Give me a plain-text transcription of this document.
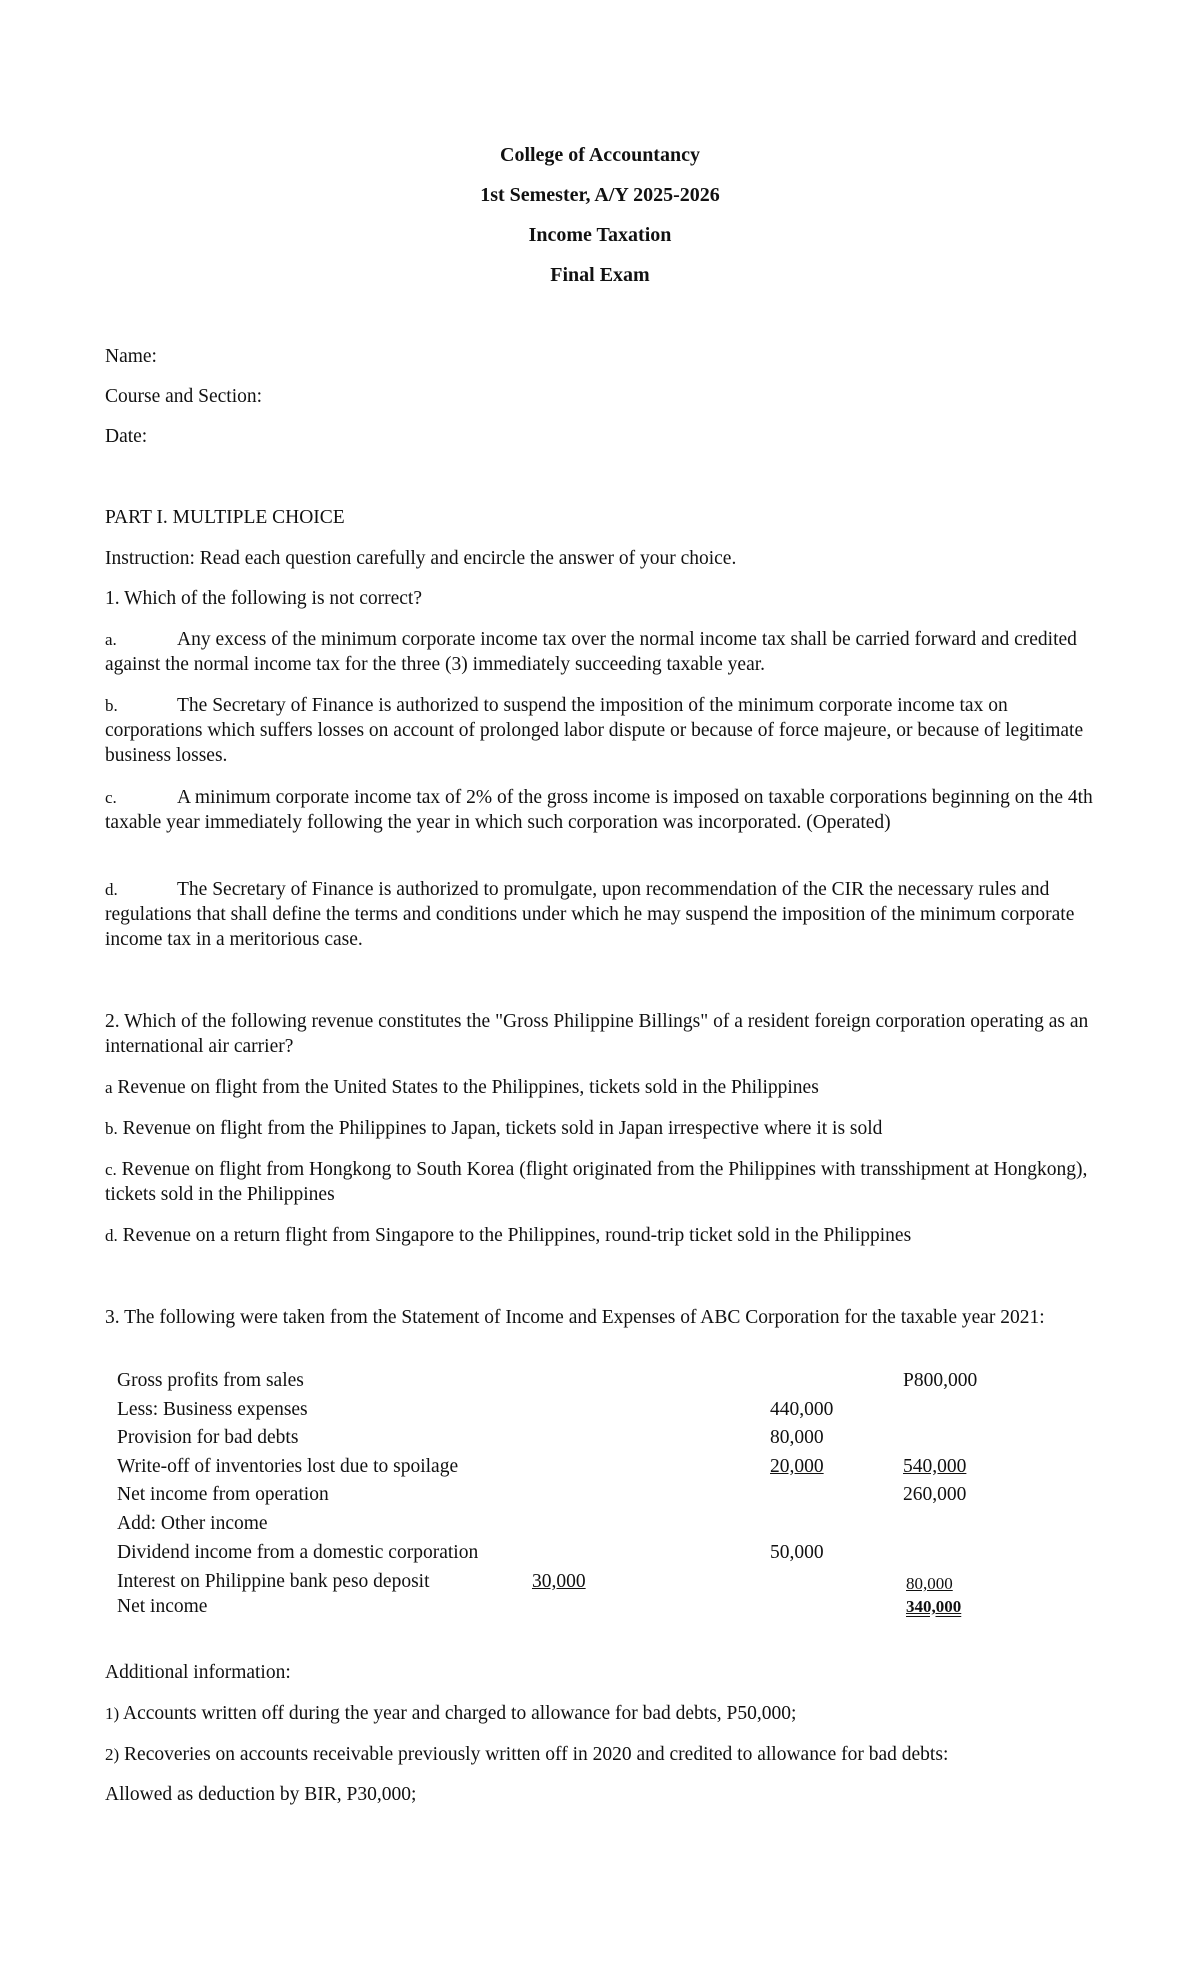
College of Accountancy
1st Semester, A/Y 2025-2026
Income Taxation
Final Exam
Name:
Course and Section:
Date:
PART I. MULTIPLE CHOICE
Instruction: Read each question carefully and encircle the answer of your choice.
1. Which of the following is not correct?
a.	Any excess of the minimum corporate income tax over the normal income tax shall be carried forward and credited against the normal income tax for the three (3) immediately succeeding taxable year.
b.	The Secretary of Finance is authorized to suspend the imposition of the minimum corporate income tax on corporations which suffers losses on account of prolonged labor dispute or because of force majeure, or because of legitimate business losses.
c.	A minimum corporate income tax of 2% of the gross income is imposed on taxable corporations beginning on the 4th taxable year immediately following the year in which such corporation was incorporated. (Operated)
d.	The Secretary of Finance is authorized to promulgate, upon recommendation of the CIR the necessary rules and regulations that shall define the terms and conditions under which he may suspend the imposition of the minimum corporate income tax in a meritorious case.
2. Which of the following revenue constitutes the "Gross Philippine Billings" of a resident foreign corporation operating as an international air carrier?
a Revenue on flight from the United States to the Philippines, tickets sold in the Philippines
b. Revenue on flight from the Philippines to Japan, tickets sold in Japan irrespective where it is sold
c. Revenue on flight from Hongkong to South Korea (flight originated from the Philippines with transshipment at Hongkong), tickets sold in the Philippines
d. Revenue on a return flight from Singapore to the Philippines, round-trip ticket sold in the Philippines
3. The following were taken from the Statement of Income and Expenses of ABC Corporation for the taxable year 2021:
Gross profits from sales	P800,000
Less: Business expenses	440,000
Provision for bad debts	80,000
Write-off of inventories lost due to spoilage	20,000	540,000
Net income from operation	260,000
Add: Other income
Dividend income from a domestic corporation	50,000
Interest on Philippine bank peso deposit	30,000	80,000
Net income	340,000
Additional information:
1) Accounts written off during the year and charged to allowance for bad debts, P50,000;
2) Recoveries on accounts receivable previously written off in 2020 and credited to allowance for bad debts:
Allowed as deduction by BIR, P30,000;
